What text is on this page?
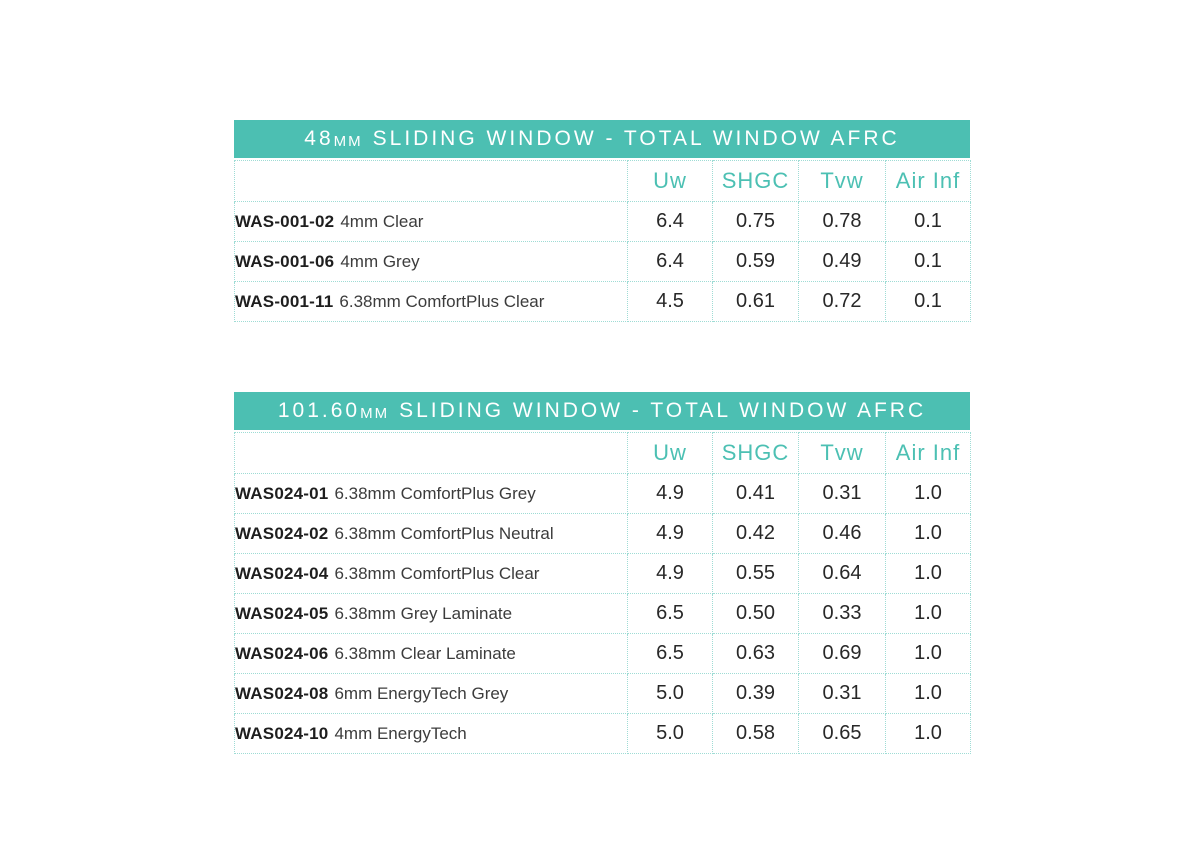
48 MM SLIDING WINDOW - TOTAL WINDOW AFRC
	Uw	SHGC	Tvw	Air Inf
WAS-001-02 4mm Clear	6.4	0.75	0.78	0.1
WAS-001-06 4mm Grey	6.4	0.59	0.49	0.1
WAS-001-11 6.38mm ComfortPlus Clear	4.5	0.61	0.72	0.1
101.60 MM SLIDING WINDOW - TOTAL WINDOW AFRC
	Uw	SHGC	Tvw	Air Inf
WAS024-01 6.38mm ComfortPlus Grey	4.9	0.41	0.31	1.0
WAS024-02 6.38mm ComfortPlus Neutral	4.9	0.42	0.46	1.0
WAS024-04 6.38mm ComfortPlus Clear	4.9	0.55	0.64	1.0
WAS024-05 6.38mm Grey Laminate	6.5	0.50	0.33	1.0
WAS024-06 6.38mm Clear Laminate	6.5	0.63	0.69	1.0
WAS024-08 6mm EnergyTech Grey	5.0	0.39	0.31	1.0
WAS024-10 4mm EnergyTech	5.0	0.58	0.65	1.0
